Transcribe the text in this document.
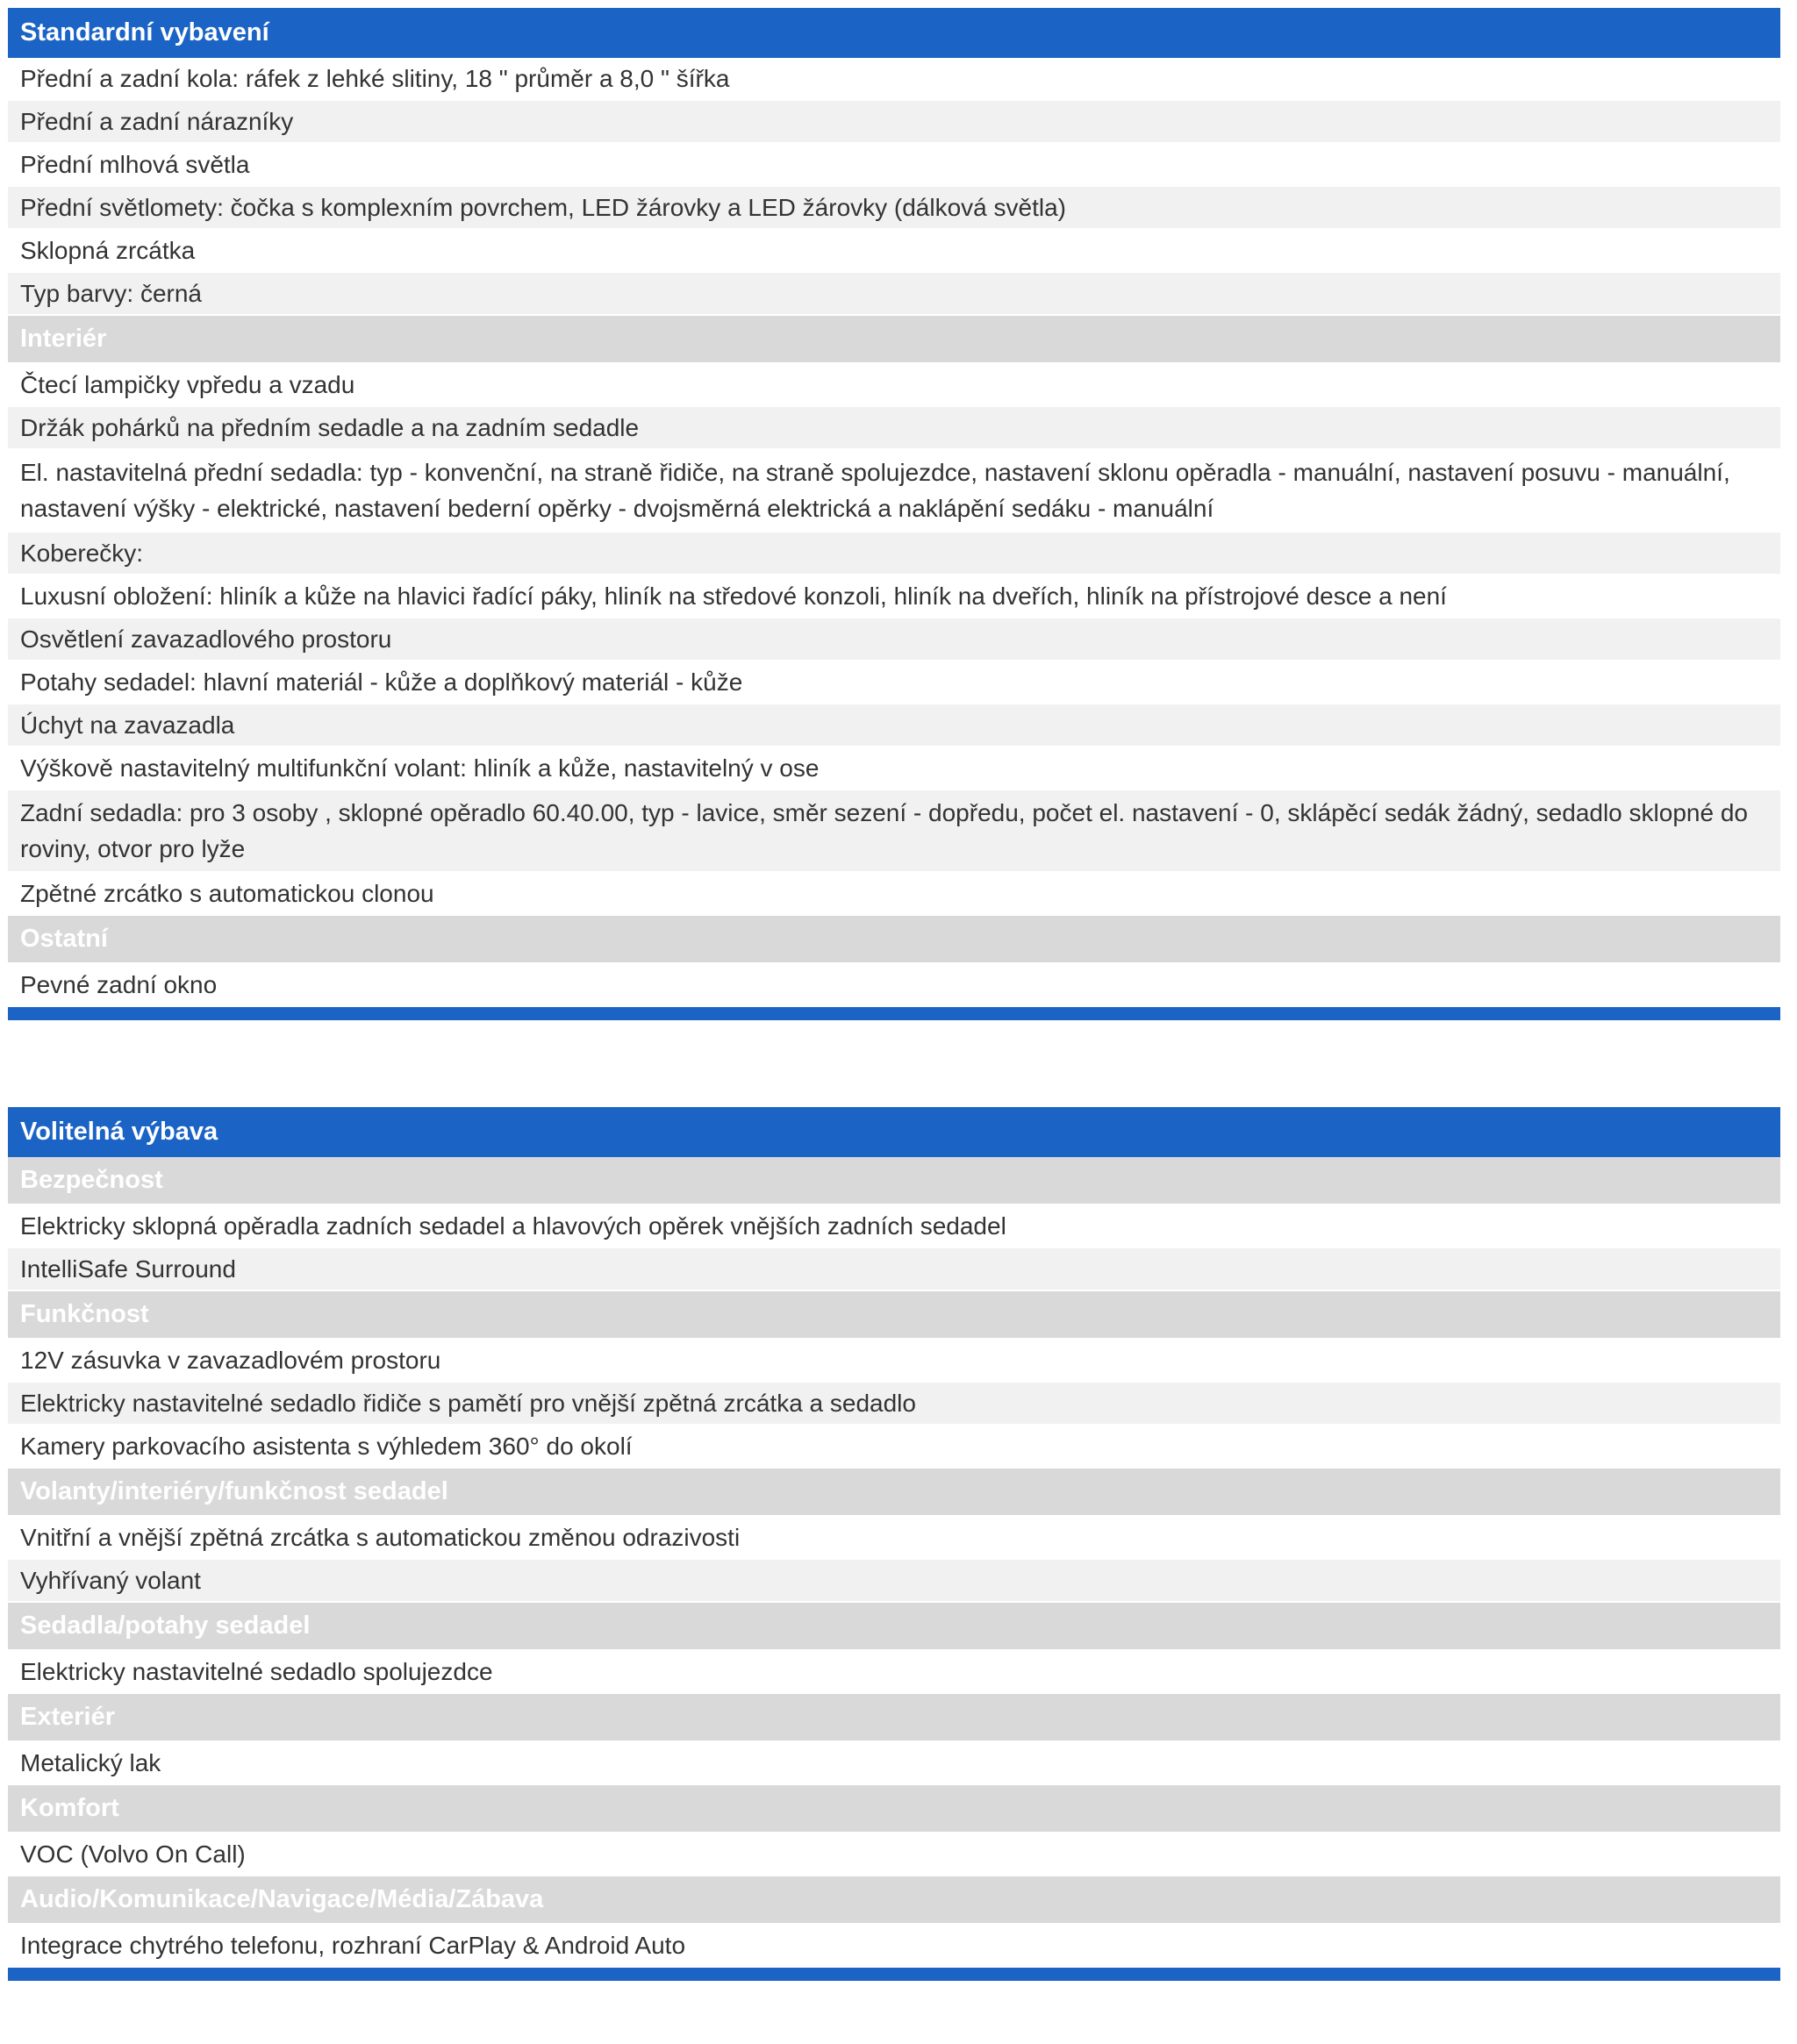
Standardní vybavení
Přední a zadní kola: ráfek z lehké slitiny, 18 " průměr a 8,0 " šířka
Přední a zadní nárazníky
Přední mlhová světla
Přední světlomety: čočka s komplexním povrchem, LED žárovky a LED žárovky (dálková světla)
Sklopná zrcátka
Typ barvy: černá
Interiér
Čtecí lampičky vpředu a vzadu
Držák pohárků na předním sedadle a na zadním sedadle
El. nastavitelná přední sedadla: typ - konvenční, na straně řidiče, na straně spolujezdce, nastavení sklonu opěradla - manuální, nastavení posuvu - manuální, nastavení výšky - elektrické, nastavení bederní opěrky - dvojsměrná elektrická a naklápění sedáku - manuální
Koberečky:
Luxusní obložení: hliník a kůže na hlavici řadící páky, hliník na středové konzoli, hliník na dveřích, hliník na přístrojové desce a není
Osvětlení zavazadlového prostoru
Potahy sedadel: hlavní materiál - kůže a doplňkový materiál - kůže
Úchyt na zavazadla
Výškově nastavitelný multifunkční volant: hliník a kůže, nastavitelný v ose
Zadní sedadla: pro 3 osoby , sklopné opěradlo 60.40.00, typ - lavice, směr sezení - dopředu, počet el. nastavení - 0, sklápěcí sedák žádný, sedadlo sklopné do roviny, otvor pro lyže
Zpětné zrcátko s automatickou clonou
Ostatní
Pevné zadní okno
Volitelná výbava
Bezpečnost
Elektricky sklopná opěradla zadních sedadel a hlavových opěrek vnějších zadních sedadel
IntelliSafe Surround
Funkčnost
12V zásuvka v zavazadlovém prostoru
Elektricky nastavitelné sedadlo řidiče s pamětí pro vnější zpětná zrcátka a sedadlo
Kamery parkovacího asistenta s výhledem 360° do okolí
Volanty/interiéry/funkčnost sedadel
Vnitřní a vnější zpětná zrcátka s automatickou změnou odrazivosti
Vyhřívaný volant
Sedadla/potahy sedadel
Elektricky nastavitelné sedadlo spolujezdce
Exteriér
Metalický lak
Komfort
VOC (Volvo On Call)
Audio/Komunikace/Navigace/Média/Zábava
Integrace chytrého telefonu, rozhraní CarPlay & Android Auto
